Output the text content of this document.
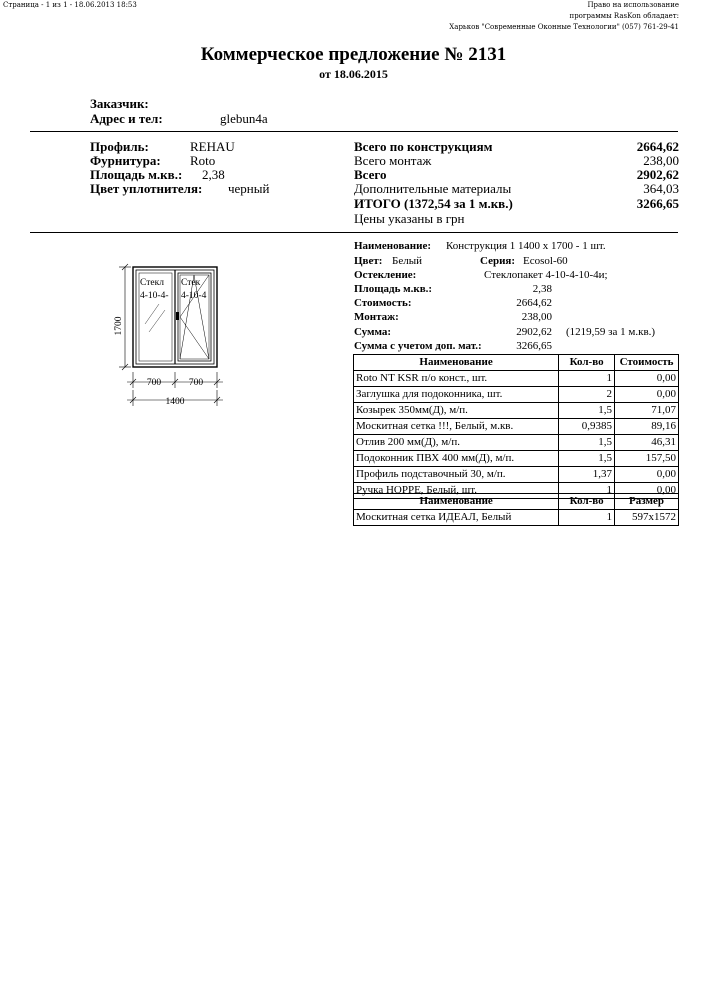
Страница - 1 из 1 - 18.06.2013 18:53	Право на использование
программы RasKon обладает:
Харьков "Современные Оконные Технологии" (057) 761-29-41
Коммерческое предложение № 2131
от 18.06.2015
Заказчик:
Адрес и тел:	glebun4a
Профиль:	REHAU
Фурнитура: Roto
Площадь м.кв.: 2,38
Цвет уплотнителя: черный
Всего по конструкциям	2664,62
Всего монтаж	238,00
Всего	2902,62
Дополнительные материалы	364,03
ИТОГО (1372,54 за 1 м.кв.)	3266,65
Цены указаны в грн
Стекл
4-10-4-
Стек
4-10-4
1700
700	700
1400
Наименование: Конструкция 1 1400 x 1700 - 1 шт.
Цвет: Белый	Серия: Ecosol-60
Остекление:	Стеклопакет 4-10-4-10-4и;
Площадь м.кв.:	2,38
Стоимость:	2664,62
Монтаж:	238,00
Сумма:	2902,62 (1219,59 за 1 м.кв.)
Сумма с учетом доп. мат.:	3266,65
Наименование	Кол-во	Стоимость
Roto NT KSR п/о конст., шт.	1	0,00
Заглушка для подоконника, шт.	2	0,00
Козырек 350мм(Д), м/п.	1,5	71,07
Москитная сетка !!!, Белый, м.кв.	0,9385	89,16
Отлив 200 мм(Д), м/п.	1,5	46,31
Подоконник ПВХ 400 мм(Д), м/п.	1,5	157,50
Профиль подставочный 30, м/п.	1,37	0,00
Ручка HOPPE, Белый, шт.	1	0,00
Наименование	Кол-во	Размер
Москитная сетка ИДЕАЛ, Белый	1	597x1572
